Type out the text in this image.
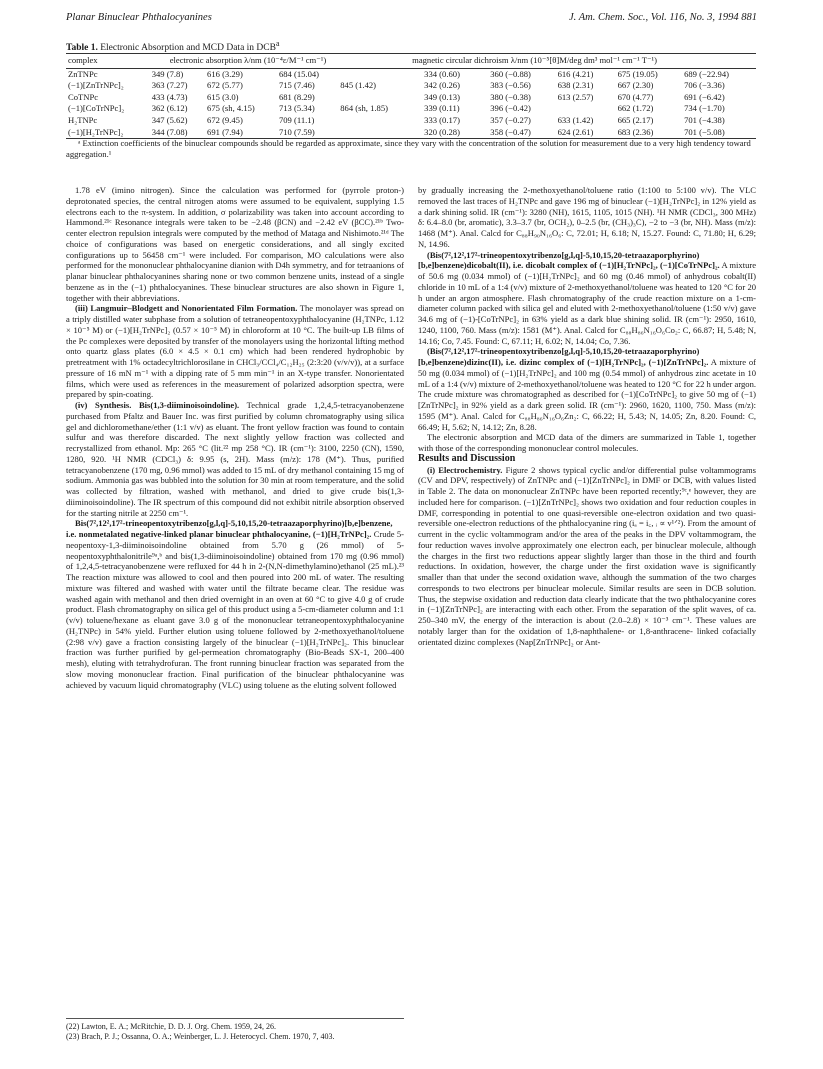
Planar Binuclear Phthalocyanines	J. Am. Chem. Soc., Vol. 116, No. 3, 1994 881
Table 1. Electronic Absorption and MCD Data in DCB$^a$
complex	electronic absorption λ/nm (10⁻⁴ε/M⁻¹ cm⁻¹)				magnetic circular dichroism λ/nm (10⁻⁵[θ]M/deg dm³ mol⁻¹ cm⁻¹ T⁻¹)				
ZnTNPc	349 (7.8)	616 (3.29)	684 (15.04)		334 (0.60)	360 (−0.88)	616 (4.21)	675 (19.05)	689 (−22.94)
(−1)[ZnTrNPc]₂	363 (7.27)	672 (5.77)	715 (7.46)	845 (1.42)	342 (0.26)	383 (−0.56)	638 (2.31)	667 (2.30)	706 (−3.36)
CoTNPc	433 (4.73)	615 (3.0)	681 (8.29)		349 (0.13)	380 (−0.38)	613 (2.57)	670 (4.77)	691 (−6.42)
(−1)[CoTrNPc]₂	362 (6.12)	675 (sh, 4.15)	713 (5.34)	864 (sh, 1.85)	339 (0.11)	396 (−0.42)		662 (1.72)	734 (−1.70)
H₂TNPc	347 (5.62)	672 (9.45)	709 (11.1)		333 (0.17)	357 (−0.27)	633 (1.42)	665 (2.17)	701 (−4.38)
(−1)[H₂TrNPc]₂	344 (7.08)	691 (7.94)	710 (7.59)		320 (0.28)	358 (−0.47)	624 (2.61)	683 (2.36)	701 (−5.08)
ᵃ Extinction coefficients of the binuclear compounds should be regarded as approximate, since they vary with the concentration of the solution for measurement due to a very high tendency toward aggregation.¹

1.78 eV (imino nitrogen). Since the calculation was performed for (pyrrole proton-) deprotonated species, the central nitrogen atoms were assumed to be equivalent, supplying 1.5 electrons each to the π-system. In addition, σ polarizability was taken into account according to Hammond.²¹ᶜ Resonance integrals were taken to be −2.48 (βCN) and −2.42 eV (βCC).²¹ᵇ Two-center electron repulsion integrals were computed by the method of Mataga and Nishimoto.²¹ᵈ The choice of configurations was based on energetic considerations, and all singly excited configurations up to 56458 cm⁻¹ were included. For comparison, MO calculations were also performed for the mononuclear phthalocyanine dianion with D4h symmetry, and for tetraanions of planar binuclear phthalocyanines sharing none or two common benzene units, instead of a single benzene as in the (−1) phthalocyanines. These binuclear structures are also shown in Figure 1, together with their abbreviations.

(iii) Langmuir–Blodgett and Nonorientated Film Formation. The monolayer was spread on a triply distilled water subphase from a solution of tetraneopentoxyphthalocyanine (H₂TNPc, 1.12 × 10⁻⁵ M) or (−1)[H₂TrNPc]₂ (0.57 × 10⁻⁵ M) in chloroform at 10 °C. The built-up LB films of the Pc complexes were deposited by transfer of the monolayers using the horizontal lifting method onto quartz glass plates (6.0 × 4.5 × 0.1 cm) which had been rendered hydrophobic by pretreatment with 1% octadecyltrichlorosilane in CHCl₃/CCl₄/C₁₂H₂₅ (2:3:20 (v/v/v)), at a surface pressure of 16 mN m⁻¹ with a dipping rate of 5 mm min⁻¹ in an X-type transfer. Nonorientated films, which were used as references in the measurement of polarized adsorption spectra, were prepared by spin-coating.

(iv) Synthesis. Bis(1,3-diiminoisoindoline). Technical grade 1,2,4,5-tetracyanobenzene purchased from Pfaltz and Bauer Inc. was first purified by column chromatography using silica gel and dichloromethane/ether (1:1 v/v) as eluant. The front yellow fraction was found to contain sulfur and was therefore discarded. The next slightly yellow fraction was collected and recrystallized from ethanol. Mp: 265 °C (lit.²² mp 258 °C). IR (cm⁻¹): 3100, 2250 (CN), 1590, 1280, 920. ¹H NMR (CDCl₃) δ: 9.95 (s, 2H). Mass (m/z): 178 (M⁺). Thus, purified tetracyanobenzene (170 mg, 0.96 mmol) was added to 15 mL of dry methanol containing 15 mg of sodium. Ammonia gas was bubbled into the solution for 30 min at room temperature, and the solid was collected by filtration, washed with methanol, and dried to give crude bis(1,3-diiminoisoindoline). The IR spectrum of this compound did not exhibit nitrile absorption observed for the starting nitrile at 2250 cm⁻¹.

Bis(7²,12²,17²-trineopentoxytribenzo[g,l,q]-5,10,15,20-tetraazaporphyrino)[b,e]benzene, i.e. nonmetalated negative-linked planar binuclear phthalocyanine, (−1)[H₂TrNPc]₂. Crude 5-neopentoxy-1,3-diiminoisoindoline obtained from 5.70 g (26 mmol) of 5-neopentoxyphthalonitrile⁹ᵃ,ᵇ and bis(1,3-diiminoisoindoline) obtained from 170 mg (0.96 mmol) of 1,2,4,5-tetracyanobenzene were refluxed for 44 h in 2-(N,N-dimethylamino)ethanol (25 mL).²³ The reaction mixture was allowed to cool and then poured into 200 mL of water. The resulting mixture was filtered and washed with water until the filtrate became clear. The residue was washed again with methanol and then dried overnight in an oven at 60 °C to give 4.0 g of crude product. Flash chromatography on silica gel of this product using a 5-cm-diameter column and 1:1 (v/v) toluene/hexane as eluant gave 3.0 g of the mononuclear tetraneopentoxyphthalocyanine (H₂TNPc) in 54% yield. Further elution using toluene followed by 2-methoxyethanol/toluene (2:98 v/v) gave a fraction consisting largely of the binuclear (−1)[H₂TrNPc]₂. This binuclear fraction was further purified by gel-permeation chromatography (Bio-Beads SX-1, 200–400 mesh), eluting with tetrahydrofuran. The front running binuclear fraction was separated from the slow moving mononuclear fraction. Final purification of the binuclear phthalocyanine was achieved by vacuum liquid chromatography (VLC) using toluene as the eluting solvent followed

(22) Lawton, E. A.; McRitchie, D. D. J. Org. Chem. 1959, 24, 26.

(23) Brach, P. J.; Ossanna, O. A.; Weinberger, L. J. Heterocycl. Chem. 1970, 7, 403.

by gradually increasing the 2-methoxyethanol/toluene ratio (1:100 to 5:100 v/v). The VLC removed the last traces of H₂TNPc and gave 196 mg of binuclear (−1)[H₂TrNPc]₂ in 12% yield as a dark shining solid. IR (cm⁻¹): 3280 (NH), 1615, 1105, 1015 (NH). ¹H NMR (CDCl₃, 300 MHz) δ: 6.4–8.0 (br, aromatic), 3.3–3.7 (br, OCH₂), 0–2.5 (br, (CH₃)₃C), −2 to −3 (br, NH). Mass (m/z): 1468 (M⁺). Anal. Calcd for C₈₈H₉₀N₁₆O₆: C, 72.01; H, 6.18; N, 15.27. Found: C, 71.80; H, 6.29; N, 14.96.

(Bis(7²,12²,17²-trineopentoxytribenzo[g,l,q]-5,10,15,20-tetraazaporphyrino)[b,e]benzene)dicobalt(II), i.e. dicobalt complex of (−1)[H₂TrNPc]₂, (−1)[CoTrNPc]₂. A mixture of 50.6 mg (0.034 mmol) of (−1)[H₂TrNPc]₂ and 60 mg (0.46 mmol) of anhydrous cobalt(II) chloride in 10 mL of a 1:4 (v/v) mixture of 2-methoxyethanol/toluene was heated to 120 °C for 20 h under an argon atmosphere. Flash chromatography of the crude reaction mixture on a 1-cm-diameter column packed with silica gel and eluted with 2-methoxyethanol/toluene (1:50 v/v) gave 34.6 mg of (−1)-[CoTrNPc]₂ in 63% yield as a dark blue shining solid. IR (cm⁻¹): 2950, 1610, 1240, 1100, 760. Mass (m/z): 1581 (M⁺). Anal. Calcd for C₈₈H₈₆N₁₆O₆Co₂: C, 66.87; H, 5.48; N, 14.16; Co, 7.45. Found: C, 67.11; H, 6.02; N, 14.04; Co, 7.36.

(Bis(7²,12²,17²-trineopentoxytribenzo[g,l,q]-5,10,15,20-tetraazaporphyrino)[b,e]benzene)dizinc(II), i.e. dizinc complex of (−1)[H₂TrNPc]₂, (−1)[ZnTrNPc]₂. A mixture of 50 mg (0.034 mmol) of (−1)[H₂TrNPc]₂ and 100 mg (0.54 mmol) of anhydrous zinc acetate in 10 mL of a 1:4 (v/v) mixture of 2-methoxyethanol/toluene was heated to 120 °C for 22 h under argon. The crude mixture was chromatographed as described for (−1)[CoTrNPc]₂ to give 50 mg of (−1)[ZnTrNPc]₂ in 92% yield as a dark green solid. IR (cm⁻¹): 2960, 1620, 1100, 750. Mass (m/z): 1595 (M⁺). Anal. Calcd for C₈₈H₈₆N₁₆O₆Zn₂: C, 66.22; H, 5.43; N, 14.05; Zn, 8.20. Found: C, 66.49; H, 5.62; N, 14.12; Zn, 8.28.

The electronic absorption and MCD data of the dimers are summarized in Table 1, together with those of the corresponding mononuclear control molecules.

Results and Discussion

(i) Electrochemistry. Figure 2 shows typical cyclic and/or differential pulse voltammograms (CV and DPV, respectively) of ZnTNPc and (−1)[ZnTrNPc]₂ in DMF or DCB, with values listed in Table 2. The data on mononuclear ZnTNPc have been reported recently;⁹ᶜ,ᵉ however, they are included here for comparison. (−1)[ZnTrNPc]₂ shows two oxidation and four reduction couples in DMF, corresponding in potential to one quasi-reversible one-electron oxidation and two quasi-reversible one-electron reductions of the phthalocyanine ring (iₐ = i꜀, ᵢ ∝ v¹ᐟ²). From the amount of current in the cyclic voltammogram and/or the area of the peaks in the DPV voltammogram, the four reduction waves involve approximately one electron each, per binuclear molecule, although the charges in the first two reductions appear slightly larger than those in the third and fourth reductions. In oxidation, however, the charge under the first oxidation wave is significantly smaller than that under the second oxidation wave, although the summation of the two charges corresponds to two electrons per binuclear molecule. Similar results are seen in DCB solution. Thus, the stepwise oxidation and reduction data clearly indicate that the two phthalocyanine cores in (−1)[ZnTrNPc]₂ are interacting with each other. From the separation of the split waves, of ca. 250–340 mV, the energy of the interaction is about (2.0–2.8) × 10⁻³ cm⁻¹. These values are notably larger than for the oxidation of 1,8-naphthalene- or 1,8-anthracene- linked cofacially orientated dizinc complexes (Nap[ZnTrNPc]₂ or Ant-
